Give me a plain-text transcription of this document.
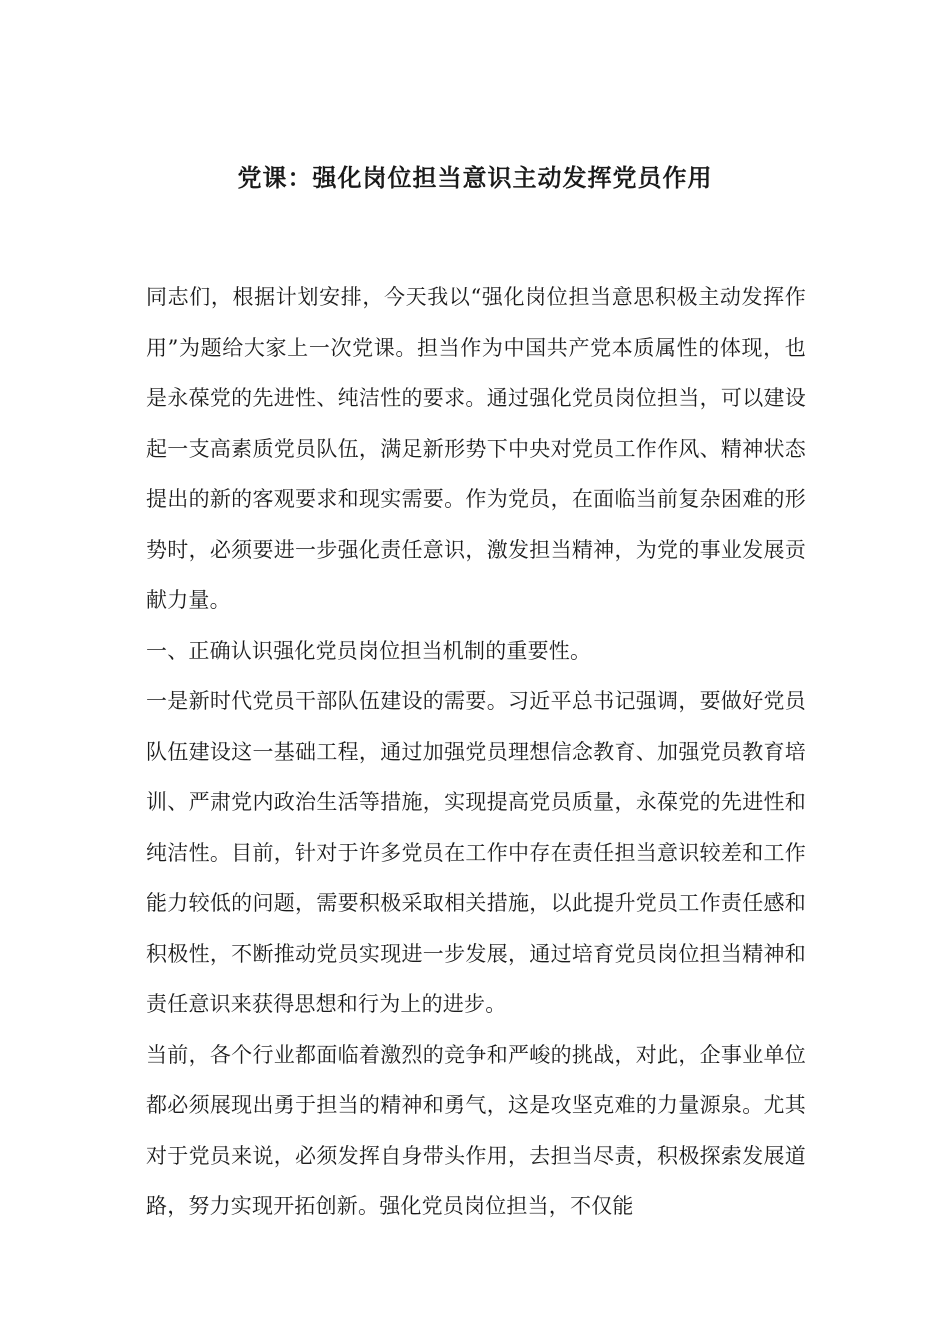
党课：强化岗位担当意识主动发挥党员作用

同志们，根据计划安排，今天我以“强化岗位担当意思积极主动发挥作用”为题给大家上一次党课。担当作为中国共产党本质属性的体现，也是永葆党的先进性、纯洁性的要求。通过强化党员岗位担当，可以建设起一支高素质党员队伍，满足新形势下中央对党员工作作风、精神状态提出的新的客观要求和现实需要。作为党员，在面临当前复杂困难的形势时，必须要进一步强化责任意识，激发担当精神，为党的事业发展贡献力量。

一、正确认识强化党员岗位担当机制的重要性。

一是新时代党员干部队伍建设的需要。习近平总书记强调，要做好党员队伍建设这一基础工程，通过加强党员理想信念教育、加强党员教育培训、严肃党内政治生活等措施，实现提高党员质量，永葆党的先进性和纯洁性。目前，针对于许多党员在工作中存在责任担当意识较差和工作能力较低的问题，需要积极采取相关措施，以此提升党员工作责任感和积极性，不断推动党员实现进一步发展，通过培育党员岗位担当精神和责任意识来获得思想和行为上的进步。

当前，各个行业都面临着激烈的竞争和严峻的挑战，对此，企事业单位都必须展现出勇于担当的精神和勇气，这是攻坚克难的力量源泉。尤其对于党员来说，必须发挥自身带头作用，去担当尽责，积极探索发展道路，努力实现开拓创新。强化党员岗位担当，不仅能
